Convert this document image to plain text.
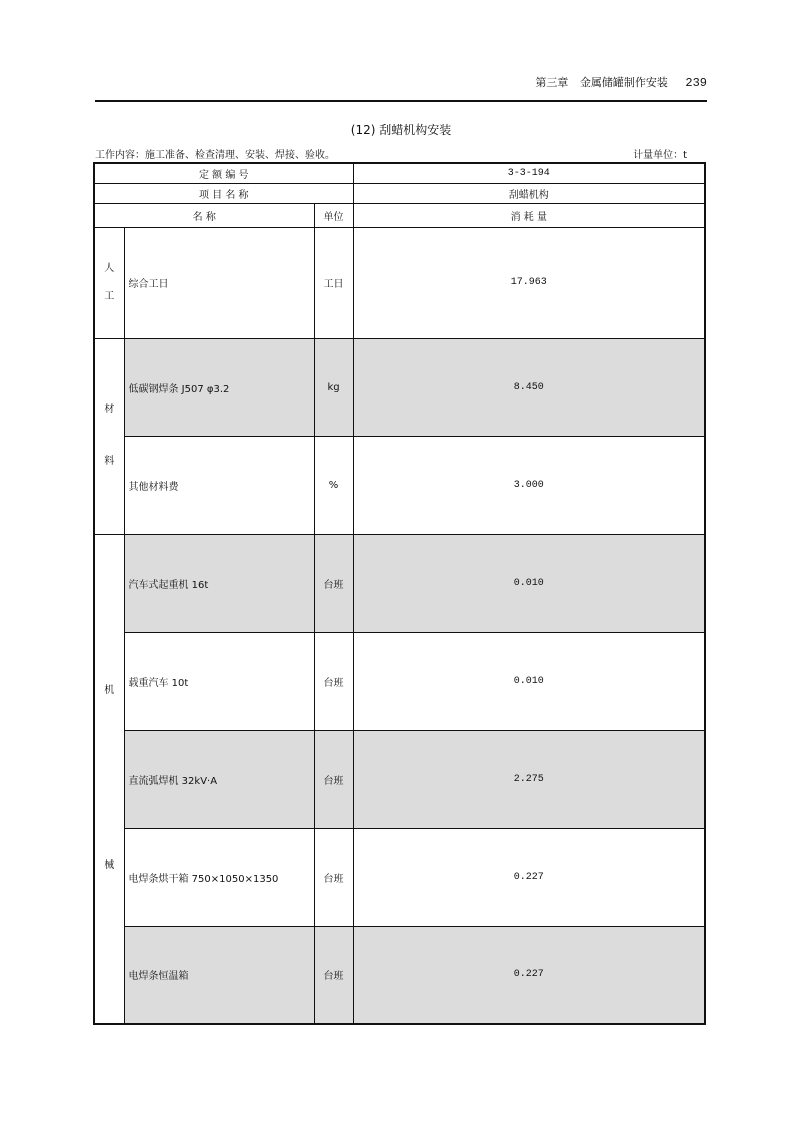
第三章 金属储罐制作安装 239
(12) 刮蜡机构安装
工作内容：施工准备、检查清理、安装、焊接、验收。	计量单位：t
定 额 编 号			3-3-194
项 目 名 称			刮蜡机构
名 称		单位	消 耗 量

人
工	综合工日	工日	17.963

材
料	低碳钢焊条 J507 φ3.2	kg	8.450
	其他材料费	%	3.000

机
械	汽车式起重机 16t	台班	0.010
	载重汽车 10t	台班	0.010
	直流弧焊机 32kV·A	台班	2.275
	电焊条烘干箱 750×1050×1350	台班	0.227
	电焊条恒温箱	台班	0.227
